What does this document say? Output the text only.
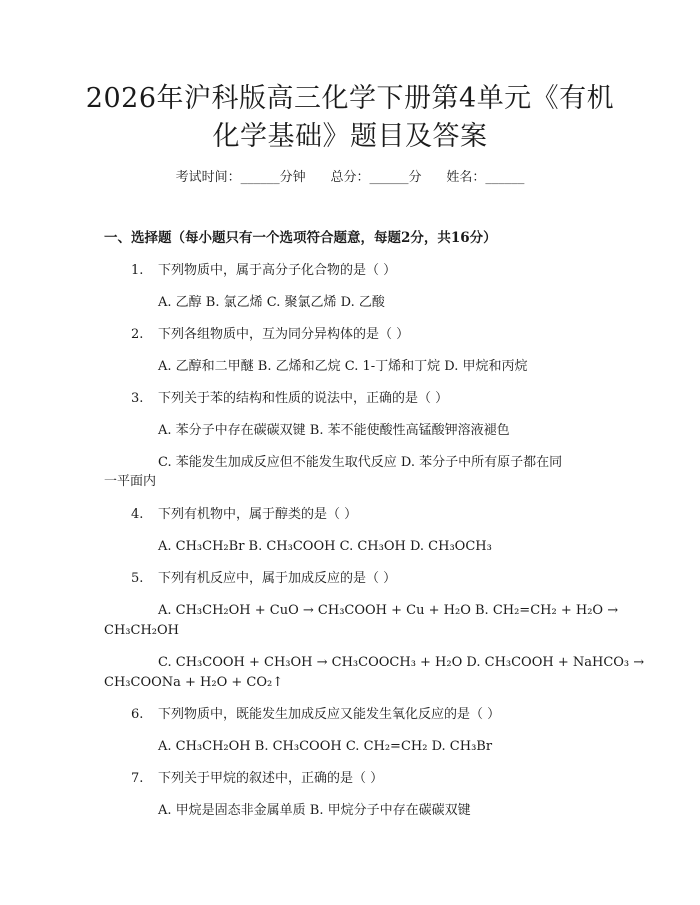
2026年沪科版高三化学下册第4单元《有机
化学基础》题目及答案
考试时间：______分钟 总分：______分 姓名：______
一、选择题（每小题只有一个选项符合题意，每题2分，共16分）
1. 下列物质中，属于高分子化合物的是（ ）
A. 乙醇 B. 氯乙烯 C. 聚氯乙烯 D. 乙酸
2. 下列各组物质中，互为同分异构体的是（ ）
A. 乙醇和二甲醚 B. 乙烯和乙烷 C. 1-丁烯和丁烷 D. 甲烷和丙烷
3. 下列关于苯的结构和性质的说法中，正确的是（ ）
A. 苯分子中存在碳碳双键 B. 苯不能使酸性高锰酸钾溶液褪色
C. 苯能发生加成反应但不能发生取代反应 D. 苯分子中所有原子都在同
一平面内
4. 下列有机物中，属于醇类的是（ ）
A. CH₃CH₂Br B. CH₃COOH C. CH₃OH D. CH₃OCH₃
5. 下列有机反应中，属于加成反应的是（ ）
A. CH₃CH₂OH + CuO → CH₃COOH + Cu + H₂O B. CH₂=CH₂ + H₂O →
CH₃CH₂OH
C. CH₃COOH + CH₃OH → CH₃COOCH₃ + H₂O D. CH₃COOH + NaHCO₃ →
CH₃COONa + H₂O + CO₂↑
6. 下列物质中，既能发生加成反应又能发生氧化反应的是（ ）
A. CH₃CH₂OH B. CH₃COOH C. CH₂=CH₂ D. CH₃Br
7. 下列关于甲烷的叙述中，正确的是（ ）
A. 甲烷是固态非金属单质 B. 甲烷分子中存在碳碳双键
